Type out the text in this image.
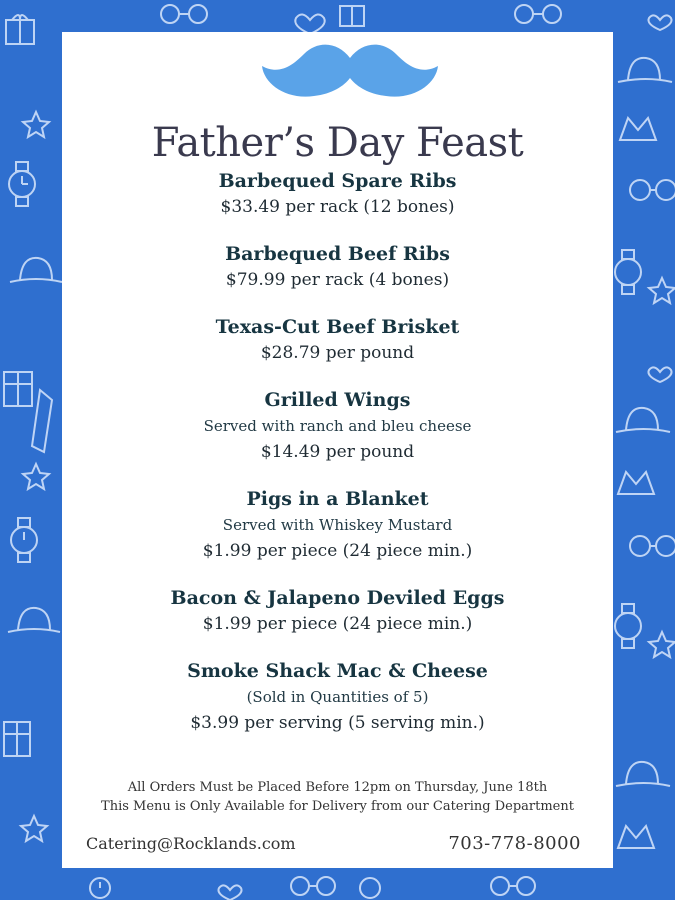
Father’s Day Feast
Barbequed Spare Ribs
$33.49 per rack (12 bones)
Barbequed Beef Ribs
$79.99 per rack (4 bones)
Texas-Cut Beef Brisket
$28.79 per pound
Grilled Wings
Served with ranch and bleu cheese
$14.49 per pound
Pigs in a Blanket
Served with Whiskey Mustard
$1.99 per piece (24 piece min.)
Bacon & Jalapeno Deviled Eggs
$1.99 per piece (24 piece min.)
Smoke Shack Mac & Cheese
(Sold in Quantities of 5)
$3.99 per serving (5 serving min.)
All Orders Must be Placed Before 12pm on Thursday, June 18th
This Menu is Only Available for Delivery from our Catering Department
Catering@Rocklands.com	703-778-8000
